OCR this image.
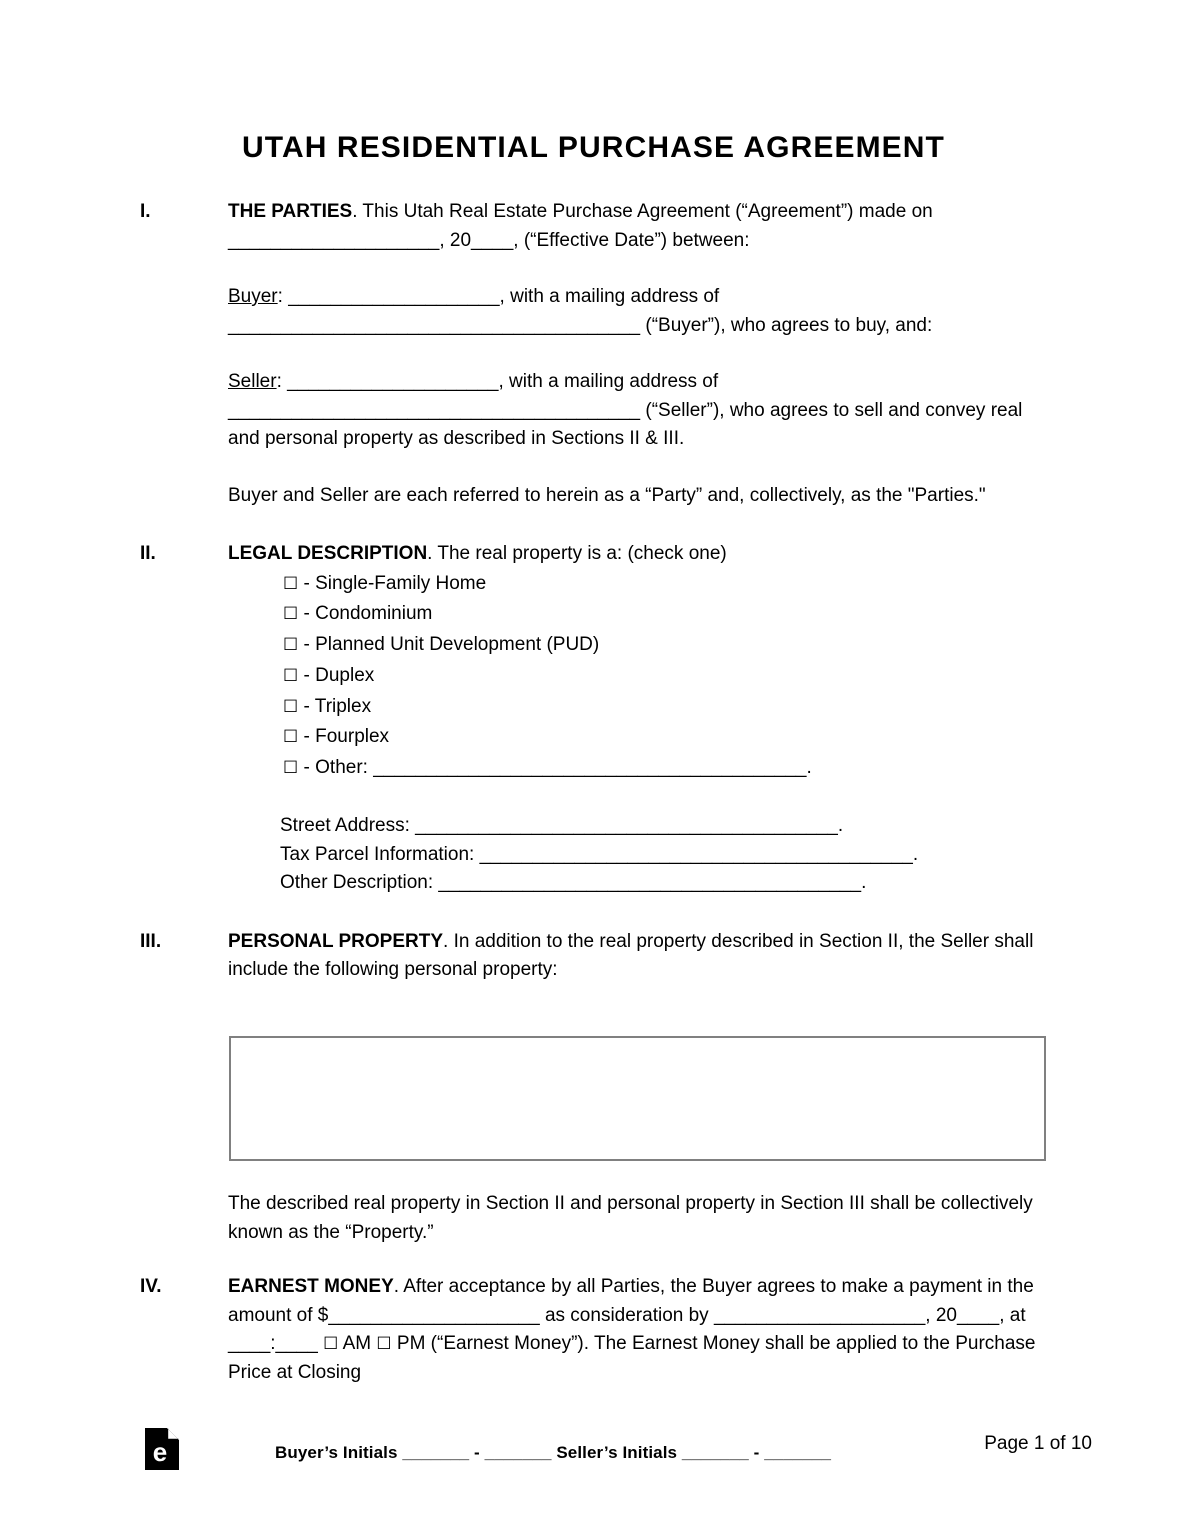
UTAH RESIDENTIAL PURCHASE AGREEMENT
I.	THE PARTIES. This Utah Real Estate Purchase Agreement (“Agreement”) made on ____________________, 20____, (“Effective Date”) between:

Buyer: ____________________, with a mailing address of

_______________________________________ (“Buyer”), who agrees to buy, and:

Seller: ____________________, with a mailing address of

_______________________________________ (“Seller”), who agrees to sell and convey real and personal property as described in Sections II & III.

Buyer and Seller are each referred to herein as a “Party” and, collectively, as the "Parties."
II.	LEGAL DESCRIPTION. The real property is a: (check one)

☐ - Single-Family Home
☐ - Condominium
☐ - Planned Unit Development (PUD)
☐ - Duplex
☐ - Triplex
☐ - Fourplex
☐ - Other: _________________________________________.
Street Address: ________________________________________.
Tax Parcel Information: _________________________________________.
Other Description: ________________________________________.
III.	PERSONAL PROPERTY. In addition to the real property described in Section II, the Seller shall include the following personal property:

The described real property in Section II and personal property in Section III shall be collectively known as the “Property.”
IV.	EARNEST MONEY. After acceptance by all Parties, the Buyer agrees to make a payment in the amount of $____________________ as consideration by ____________________, 20____, at ____:____ ☐ AM ☐ PM (“Earnest Money”). The Earnest Money shall be applied to the Purchase Price at Closing

e	Buyer’s Initials _______ - _______ Seller’s Initials _______ - _______	Page 1 of 10
